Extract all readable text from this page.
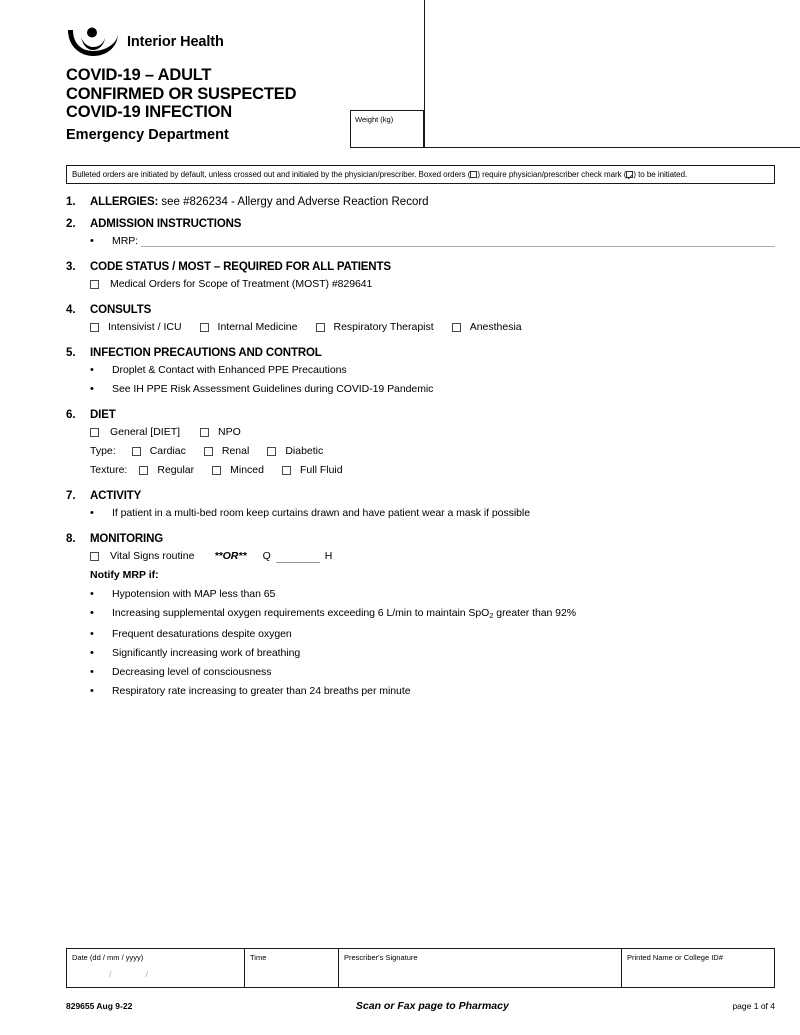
Interior Health
COVID-19 – ADULT
CONFIRMED OR SUSPECTED
COVID-19 INFECTION
Emergency Department
Weight (kg)
Bulleted orders are initiated by default, unless crossed out and initialed by the physician/prescriber. Boxed orders ( ) require physician/prescriber check mark ( ) to be initiated.
1.	ALLERGIES: see #826234 - Allergy and Adverse Reaction Record
2.	ADMISSION INSTRUCTIONS
•
MRP:
3.	CODE STATUS / MOST – REQUIRED FOR ALL PATIENTS
Medical Orders for Scope of Treatment (MOST) #829641
4.	CONSULTS
Intensivist / ICU	Internal Medicine	Respiratory Therapist	Anesthesia
5.	INFECTION PRECAUTIONS AND CONTROL
•
Droplet & Contact with Enhanced PPE Precautions
•
See IH PPE Risk Assessment Guidelines during COVID-19 Pandemic
6.	DIET
General [DIET]	NPO
Type:	Cardiac	Renal	Diabetic
Texture:	Regular	Minced	Full Fluid
7.	ACTIVITY
•
If patient in a multi-bed room keep curtains drawn and have patient wear a mask if possible
8.	MONITORING
Vital Signs routine **OR** Q	H
Notify MRP if:
•
Hypotension with MAP less than 65
•
Increasing supplemental oxygen requirements exceeding 6 L/min to maintain SpO$_2$ greater than 92%
•
Frequent desaturations despite oxygen
•
Significantly increasing work of breathing
•
Decreasing level of consciousness
•
Respiratory rate increasing to greater than 24 breaths per minute
Date (dd / mm / yyyy)
//
Time	Prescriber's Signature	Printed Name or College ID#
829655 Aug 9-22	Scan or Fax page to Pharmacy	page 1 of 4
